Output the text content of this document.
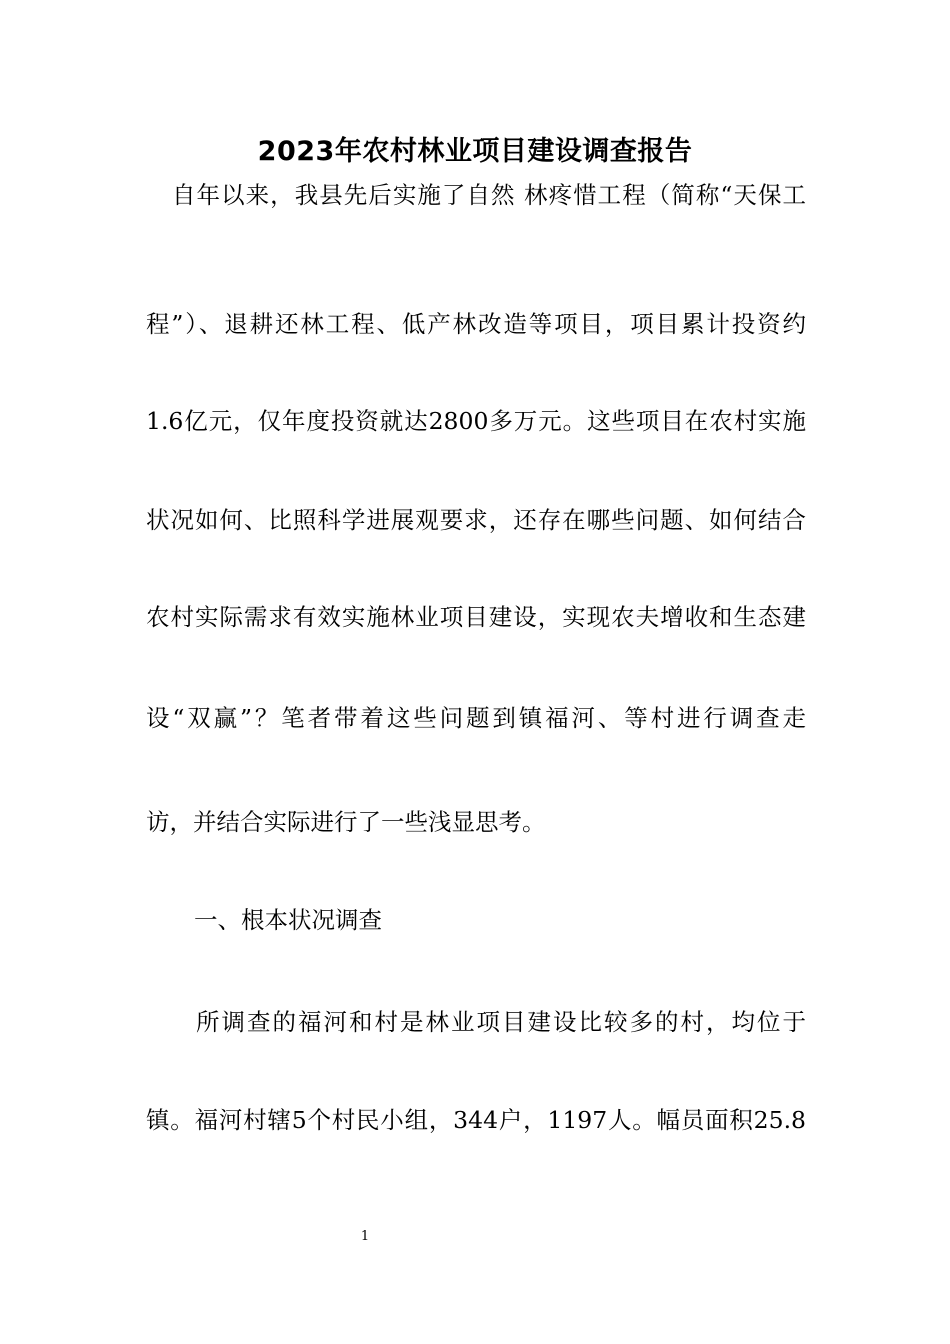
2023年农村林业项目建设调查报告

自年以来，我县先后实施了自然 林疼惜工程（简称“天保工

程”）、退耕还林工程、低产林改造等项目，项目累计投资约

1.6亿元，仅年度投资就达2800多万元。这些项目在农村实施

状况如何、比照科学进展观要求，还存在哪些问题、如何结合

农村实际需求有效实施林业项目建设，实现农夫增收和生态建

设“双赢”？笔者带着这些问题到镇福河、等村进行调查走

访，并结合实际进行了一些浅显思考。

一、根本状况调查

所调查的福河和村是林业项目建设比较多的村，均位于

镇。福河村辖5个村民小组，344户，1197人。幅员面积25.8

1
